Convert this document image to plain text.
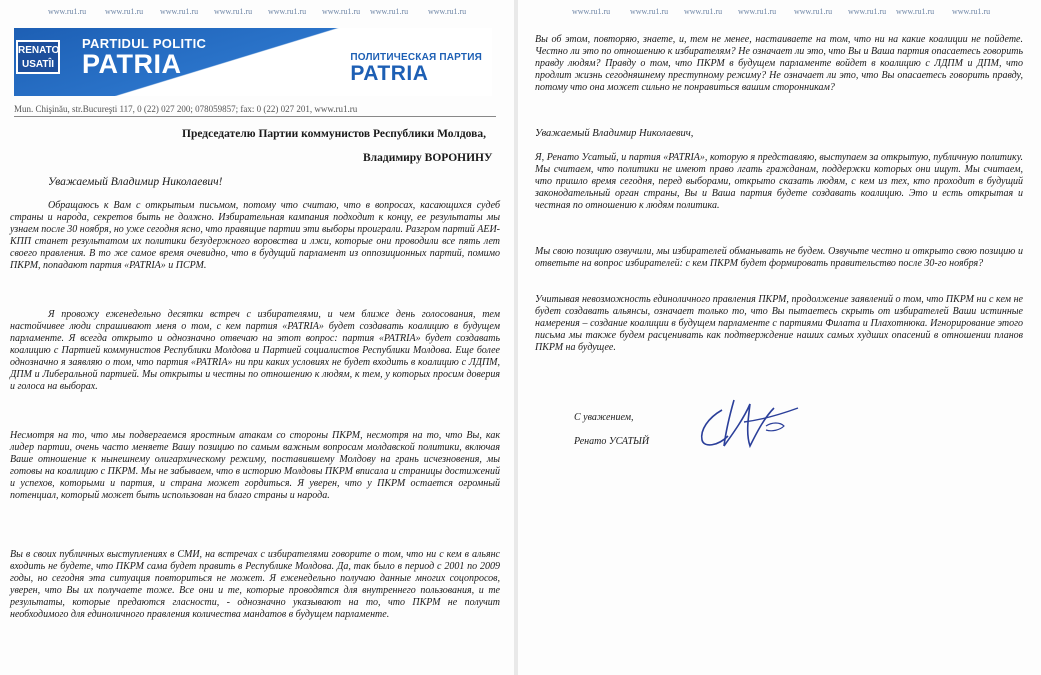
www.ru1.ru www.ru1.ru www.ru1.ru www.ru1.ru www.ru1.ru www.ru1.ru www.ru1.ru www.ru1.ru
RENATO
USATÎI
PARTIDUL POLITIC
PATRIA	ПОЛИТИЧЕСКАЯ ПАРТИЯ
PATRIA
Mun. Chişinău, str.Bucureşti 117, 0 (22) 027 200; 078059857; fax: 0 (22) 027 201, www.ru1.ru
Председателю Партии коммунистов Республики Молдова,
Владимиру ВОРОНИНУ
Уважаемый Владимир Николаевич!

Обращаюсь к Вам с открытым письмом, потому что считаю, что в вопросах, касающихся судеб страны и народа, секретов быть не должно. Избирательная кампания подходит к концу, ее результаты мы узнаем после 30 ноября, но уже сегодня ясно, что правящие партии эти выборы проиграли. Разгром партий АЕИ-КПП станет результатом их политики безудержного воровства и лжи, которые они проводили все пять лет своего правления. В то же самое время очевидно, что в будущий парламент из оппозиционных партий, помимо ПКРМ, попадают партия «PATRIA» и ПСРМ.

Я провожу еженедельно десятки встреч с избирателями, и чем ближе день голосования, тем настойчивее люди спрашивают меня о том, с кем партия «PATRIA» будет создавать коалицию в будущем парламенте. Я всегда открыто и однозначно отвечаю на этот вопрос: партия «PATRIA» будет создавать коалицию с Партией коммунистов Республики Молдова и Партией социалистов Республики Молдова. Еще более однозначно я заявляю о том, что партия «PATRIA» ни при каких условиях не будет входить в коалицию с ЛДПМ, ДПМ и Либеральной партией. Мы открыты и честны по отношению к людям, к тем, у которых просим доверия и голоса на выборах.

Несмотря на то, что мы подвергаемся яростным атакам со стороны ПКРМ, несмотря на то, что Вы, как лидер партии, очень часто меняете Вашу позицию по самым важным вопросам молдавской политики, включая Ваше отношение к нынешнему олигархическому режиму, поставившему Молдову на грань исчезновения, мы готовы на коалицию с ПКРМ. Мы не забываем, что в историю Молдовы ПКРМ вписала и страницы достижений и успехов, которыми и партия, и страна может гордиться. Я уверен, что у ПКРМ остается огромный потенциал, который может быть использован на благо страны и народа.

Вы в своих публичных выступлениях в СМИ, на встречах с избирателями говорите о том, что ни с кем в альянс входить не будете, что ПКРМ сама будет править в Республике Молдова. Да, так было в период с 2001 по 2009 годы, но сегодня эта ситуация повториться не может. Я еженедельно получаю данные многих соцопросов, уверен, что Вы их получаете тоже. Все они и те, которые проводятся для внутреннего пользования, и те результаты, которые предаются гласности, - однозначно указывают на то, что ПКРМ не получит необходимого для единоличного правления количества мандатов в будущем парламенте.

www.ru1.ru www.ru1.ru www.ru1.ru www.ru1.ru www.ru1.ru www.ru1.ru www.ru1.ru www.ru1.ru

Вы об этом, повторяю, знаете, и, тем не менее, настаиваете на том, что ни на какие коалиции не пойдете. Честно ли это по отношению к избирателям? Не означает ли это, что Вы и Ваша партия опасаетесь говорить правду людям? Правду о том, что ПКРМ в будущем парламенте войдет в коалицию с ЛДПМ и ДПМ, что продлит жизнь сегодняшнему преступному режиму? Не означает ли это, что Вы опасаетесь говорить правду, потому что она может сильно не понравиться вашим сторонникам?

Уважаемый Владимир Николаевич,

Я, Ренато Усатый, и партия «PATRIA», которую я представляю, выступаем за открытую, публичную политику. Мы считаем, что политики не имеют право лгать гражданам, поддержки которых они ищут. Мы считаем, что пришло время сегодня, перед выборами, открыто сказать людям, с кем из тех, кто проходит в будущий законодательный орган страны, Вы и Ваша партия будете создавать коалицию. Это и есть открытая и честная по отношению к людям политика.

Мы свою позицию озвучили, мы избирателей обманывать не будем. Озвучьте честно и открыто свою позицию и ответьте на вопрос избирателей: с кем ПКРМ будет формировать правительство после 30-го ноября?

Учитывая невозможность единоличного правления ПКРМ, продолжение заявлений о том, что ПКРМ ни с кем не будет создавать альянсы, означает только то, что Вы пытаетесь скрыть от избирателей Ваши истинные намерения – создание коалиции в будущем парламенте с партиями Филата и Плахотнюка. Игнорирование этого письма мы также будем расценивать как подтверждение наших самых худших опасений в отношении планов ПКРМ на будущее.

С уважением,
Ренато УСАТЫЙ
